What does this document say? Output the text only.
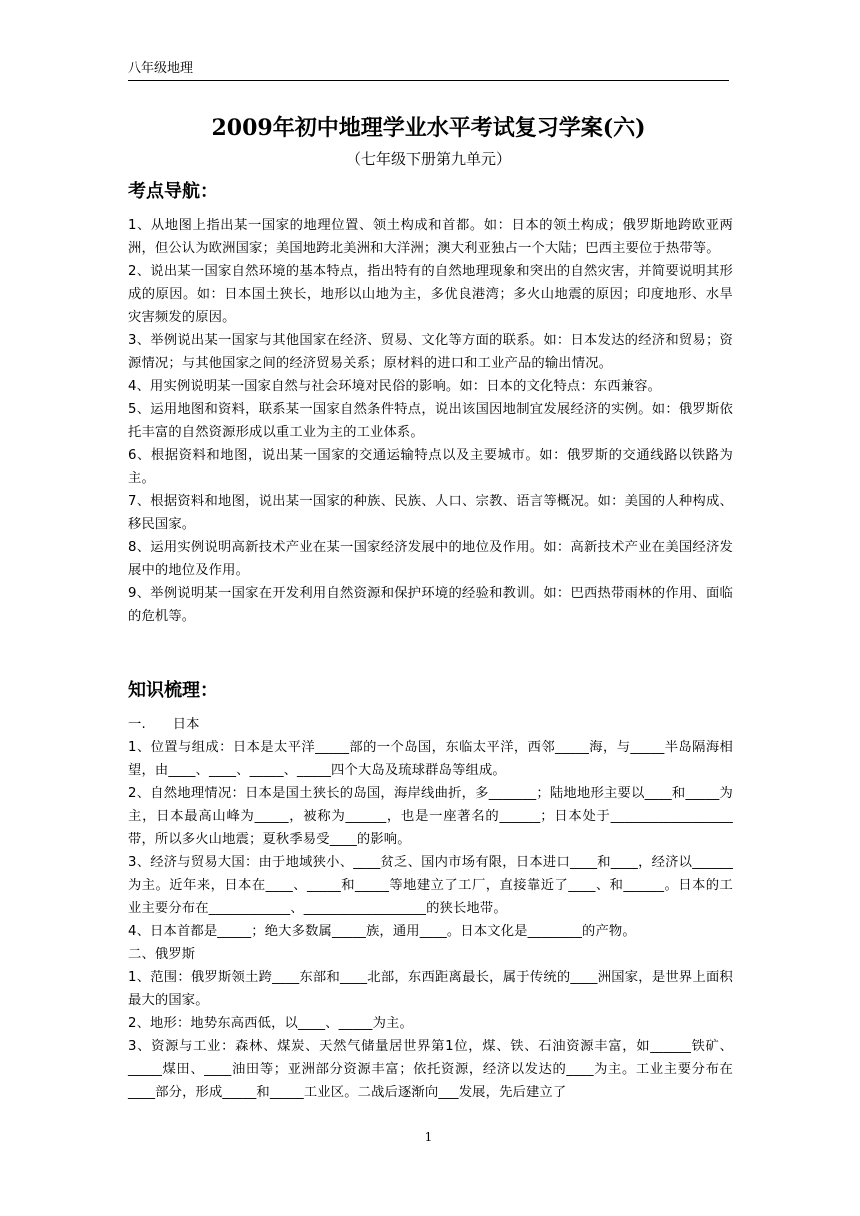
八年级地理
2009年初中地理学业水平考试复习学案(六)
（七年级下册第九单元）
考点导航：

1、从地图上指出某一国家的地理位置、领土构成和首都。如：日本的领土构成；俄罗斯地跨欧亚两洲，但公认为欧洲国家；美国地跨北美洲和大洋洲；澳大利亚独占一个大陆；巴西主要位于热带等。

2、说出某一国家自然环境的基本特点，指出特有的自然地理现象和突出的自然灾害，并简要说明其形成的原因。如：日本国土狭长，地形以山地为主，多优良港湾；多火山地震的原因；印度地形、水旱灾害频发的原因。

3、举例说出某一国家与其他国家在经济、贸易、文化等方面的联系。如：日本发达的经济和贸易；资源情况；与其他国家之间的经济贸易关系；原材料的进口和工业产品的输出情况。

4、用实例说明某一国家自然与社会环境对民俗的影响。如：日本的文化特点：东西兼容。

5、运用地图和资料，联系某一国家自然条件特点，说出该国因地制宜发展经济的实例。如：俄罗斯依托丰富的自然资源形成以重工业为主的工业体系。

6、根据资料和地图，说出某一国家的交通运输特点以及主要城市。如：俄罗斯的交通线路以铁路为主。

7、根据资料和地图，说出某一国家的种族、民族、人口、宗教、语言等概况。如：美国的人种构成、移民国家。

8、运用实例说明高新技术产业在某一国家经济发展中的地位及作用。如：高新技术产业在美国经济发展中的地位及作用。

9、举例说明某一国家在开发利用自然资源和保护环境的经验和教训。如：巴西热带雨林的作用、面临的危机等。

知识梳理：

一.　　日本

1、位置与组成：日本是太平洋_____部的一个岛国，东临太平洋，西邻_____海，与_____半岛隔海相望，由____、____、_____、_____四个大岛及琉球群岛等组成。

2、自然地理情况：日本是国土狭长的岛国，海岸线曲折，多_______；陆地地形主要以____和_____为主，日本最高山峰为_____，被称为______，也是一座著名的______；日本处于__________________带，所以多火山地震；夏秋季易受____的影响。

3、经济与贸易大国：由于地域狭小、____贫乏、国内市场有限，日本进口____和____，经济以______为主。近年来，日本在____、_____和_____等地建立了工厂，直接靠近了____、和______。日本的工业主要分布在____________、__________________的狭长地带。

4、日本首都是_____；绝大多数属_____族，通用____。日本文化是________的产物。

二、俄罗斯

1、范围：俄罗斯领土跨____东部和____北部，东西距离最长，属于传统的____洲国家，是世界上面积最大的国家。

2、地形：地势东高西低，以____、_____为主。

3、资源与工业：森林、煤炭、天然气储量居世界第1位，煤、铁、石油资源丰富，如______铁矿、_____煤田、____油田等；亚洲部分资源丰富；依托资源，经济以发达的____为主。工业主要分布在____部分，形成_____和_____工业区。二战后逐渐向___发展，先后建立了

1
